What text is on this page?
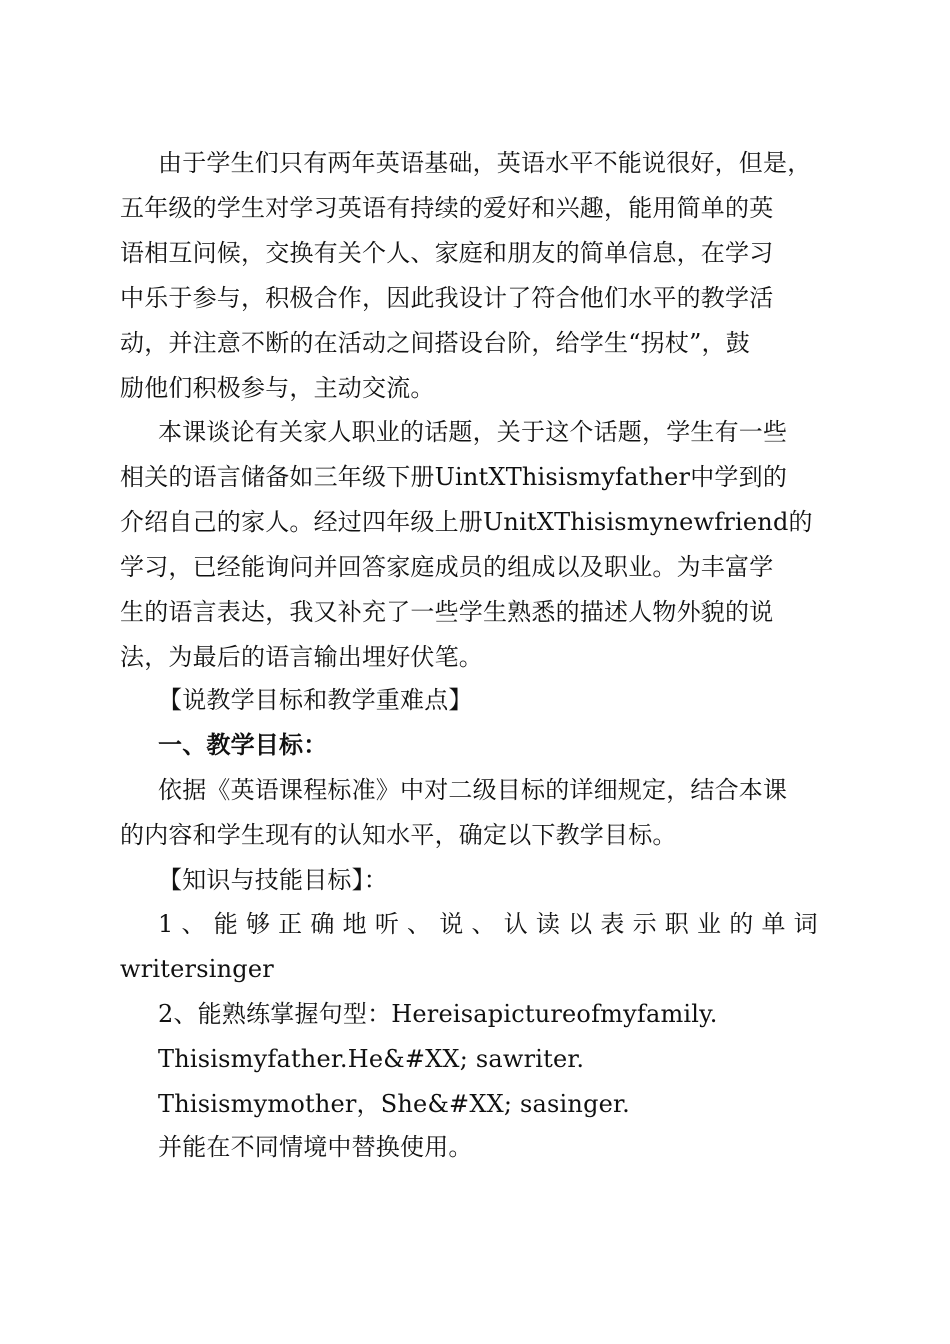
由于学生们只有两年英语基础，英语水平不能说很好，但是，
五年级的学生对学习英语有持续的爱好和兴趣，能用简单的英
语相互问候，交换有关个人、家庭和朋友的简单信息，在学习
中乐于参与，积极合作，因此我设计了符合他们水平的教学活
动，并注意不断的在活动之间搭设台阶，给学生“拐杖”，鼓
励他们积极参与，主动交流。
本课谈论有关家人职业的话题，关于这个话题，学生有一些
相关的语言储备如三年级下册UintXThisismyfather中学到的
介绍自己的家人。经过四年级上册UnitXThisismynewfriend的
学习，已经能询问并回答家庭成员的组成以及职业。为丰富学
生的语言表达，我又补充了一些学生熟悉的描述人物外貌的说
法，为最后的语言输出埋好伏笔。
【说教学目标和教学重难点】
一、教学目标：
依据《英语课程标准》中对二级目标的详细规定，结合本课
的内容和学生现有的认知水平，确定以下教学目标。
【知识与技能目标】：
1 、 能 够 正 确 地 听 、 说 、 认 读 以 表 示 职 业 的 单 词
writersinger
2、能熟练掌握句型：Hereisapictureofmyfamily.
Thisismyfather.He&#XX; sawriter.
Thisismymother，She&#XX; sasinger.
并能在不同情境中替换使用。
